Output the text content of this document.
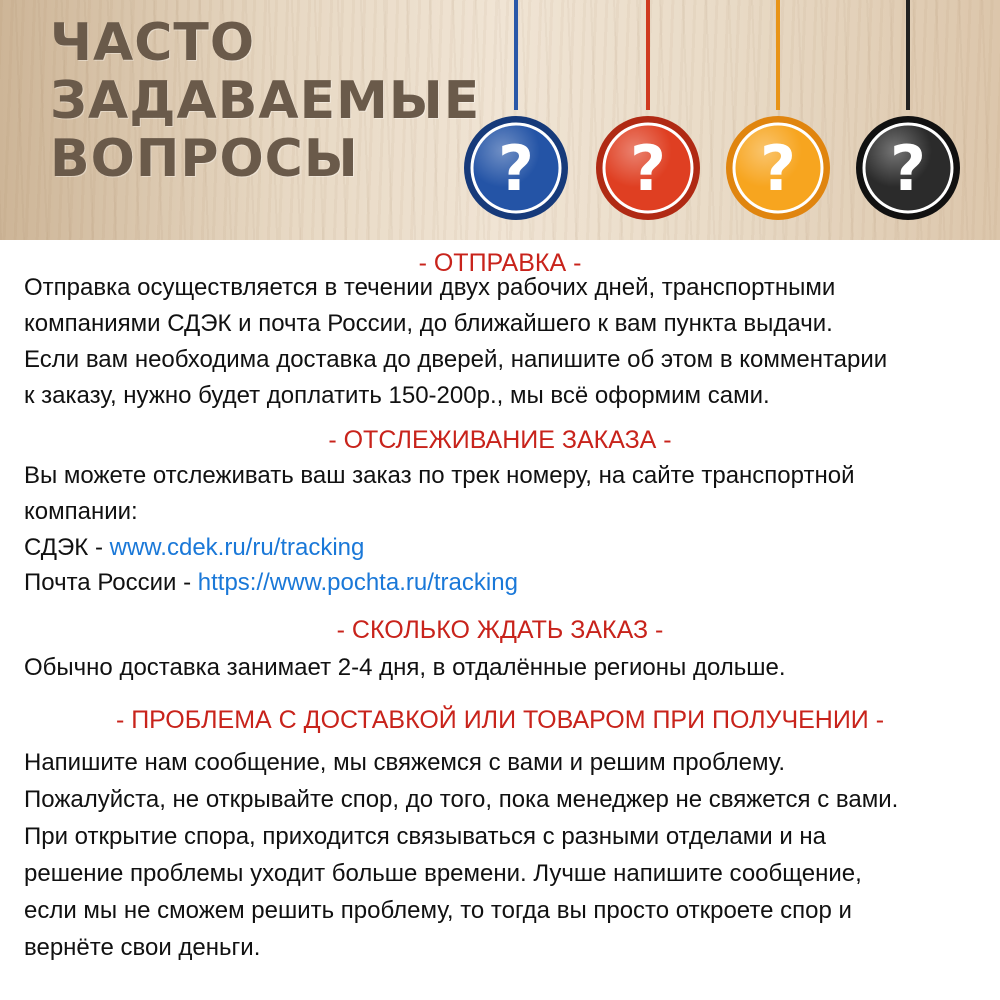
ЧАСТО
ЗАДАВАЕМЫЕ
ВОПРОСЫ	? ? ? ?
- ОТПРАВКА -
Отправка осуществляется в течении двух рабочих дней, транспортными
компаниями СДЭК и почта России, до ближайшего к вам пункта выдачи.
Если вам необходима доставка до дверей, напишите об этом в комментарии
к заказу, нужно будет доплатить 150-200р., мы всё оформим сами.
- ОТСЛЕЖИВАНИЕ ЗАКАЗА -
Вы можете отслеживать ваш заказ по трек номеру, на сайте транспортной
компании:
СДЭК - www.cdek.ru/ru/tracking
Почта России - https://www.pochta.ru/tracking
- СКОЛЬКО ЖДАТЬ ЗАКАЗ -
Обычно доставка занимает 2-4 дня, в отдалённые регионы дольше.
- ПРОБЛЕМА С ДОСТАВКОЙ ИЛИ ТОВАРОМ ПРИ ПОЛУЧЕНИИ -
Напишите нам сообщение, мы свяжемся с вами и решим проблему.
Пожалуйста, не открывайте спор, до того, пока менеджер не свяжется с вами.
При открытие спора, приходится связываться с разными отделами и на
решение проблемы уходит больше времени. Лучше напишите сообщение,
если мы не сможем решить проблему, то тогда вы просто откроете спор и
вернёте свои деньги.
